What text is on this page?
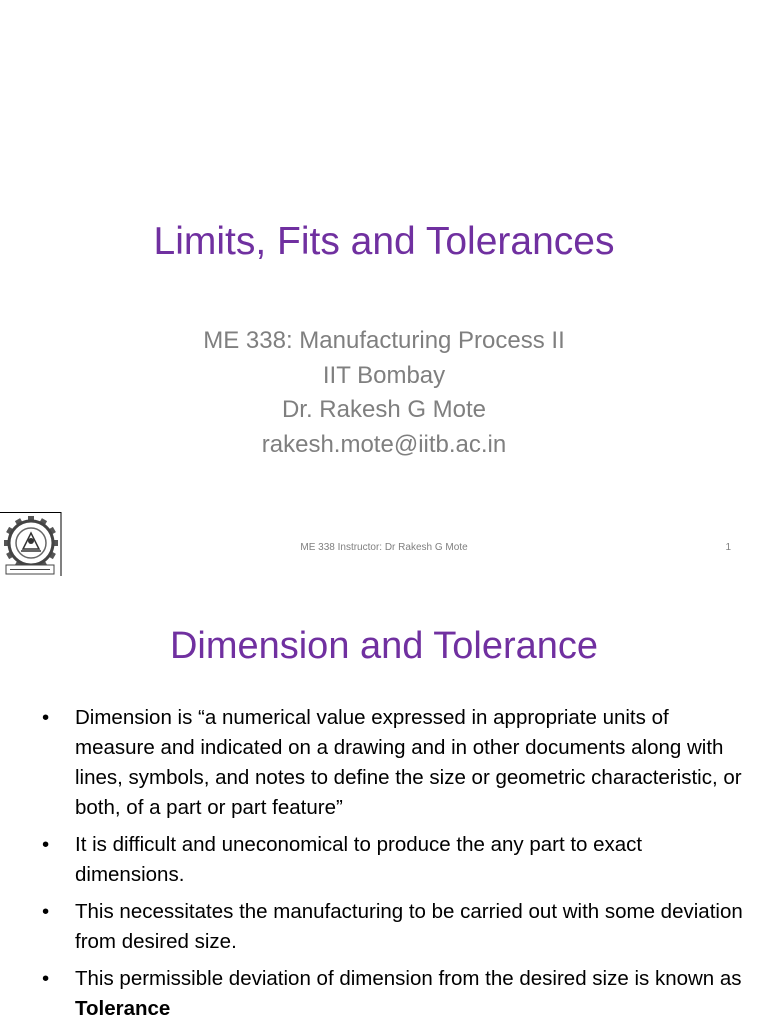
Limits, Fits and Tolerances
ME 338: Manufacturing Process II
IIT Bombay
Dr. Rakesh G Mote
rakesh.mote@iitb.ac.in
ME 338 Instructor: Dr Rakesh G Mote	1
Dimension and Tolerance
• Dimension is “a numerical value expressed in appropriate units of measure and indicated on a drawing and in other documents along with lines, symbols, and notes to define the size or geometric characteristic, or both, of a part or part feature”
• It is difficult and uneconomical to produce the any part to exact dimensions.
• This necessitates the manufacturing to be carried out with some deviation from desired size.
• This permissible deviation of dimension from the desired size is known as Tolerance
